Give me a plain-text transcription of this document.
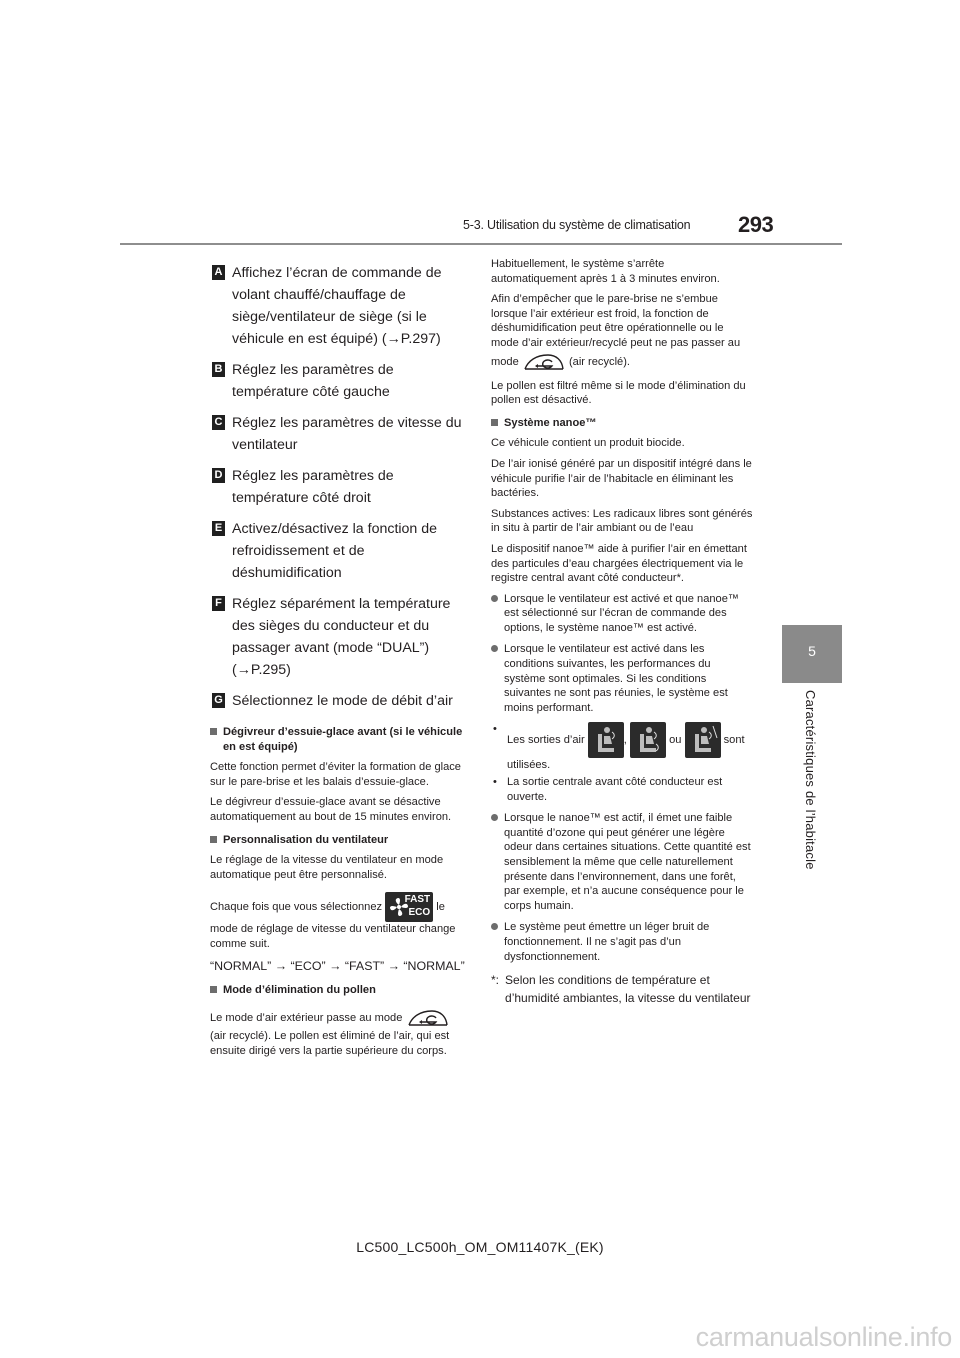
5-3. Utilisation du système de climatisation 293
5
Caractéristiques de l’habitacle
A Affichez l’écran de commande de volant chauffé/chauffage de siège/ventilateur de siège (si le véhicule en est équipé) (→P.297)
B Réglez les paramètres de température côté gauche
C Réglez les paramètres de vitesse du ventilateur
D Réglez les paramètres de température côté droit
E Activez/désactivez la fonction de refroidissement et de déshumidification
F Réglez séparément la température des sièges du conducteur et du passager avant (mode “DUAL”) (→P.295)
G Sélectionnez le mode de débit d’air
Dégivreur d’essuie-glace avant (si le véhicule en est équipé)

Cette fonction permet d’éviter la formation de glace sur le pare-brise et les balais d’essuie-glace.

Le dégivreur d’essuie-glace avant se désactive automatiquement au bout de 15 minutes environ.

Personnalisation du ventilateur

Le réglage de la vitesse du ventilateur en mode automatique peut être personnalisé.

Chaque fois que vous sélectionnez
FAST
ECO le mode de réglage de vitesse du ventilateur change comme suit.

“NORMAL” → “ECO” → “FAST” → “NORMAL”

Mode d’élimination du pollen

Le mode d’air extérieur passe au mode  (air recyclé). Le pollen est éliminé de l’air, qui est ensuite dirigé vers la partie supérieure du corps.

Habituellement, le système s’arrête automatiquement après 1 à 3 minutes environ.

Afin d’empêcher que le pare-brise ne s’embue lorsque l’air extérieur est froid, la fonction de déshumidification peut être opérationnelle ou le mode d’air extérieur/recyclé peut ne pas passer au mode	(air recyclé).

Le pollen est filtré même si le mode d’élimination du pollen est désactivé.

Système nanoe™

Ce véhicule contient un produit biocide.

De l’air ionisé généré par un dispositif intégré dans le véhicule purifie l’air de l’habitacle en éliminant les bactéries.

Substances actives: Les radicaux libres sont générés in situ à partir de l’air ambiant ou de l’eau

Le dispositif nanoe™ aide à purifier l’air en émettant des particules d’eau chargées électriquement via le registre central avant côté conducteur*.

Lorsque le ventilateur est activé et que nanoe™ est sélectionné sur l’écran de commande des options, le système nanoe™ est activé.
Lorsque le ventilateur est activé dans les conditions suivantes, les performances du système sont optimales. Si les conditions suivantes ne sont pas réunies, le système est moins performant.
•
Les sorties d’air	,	ou	sont utilisées.
• La sortie centrale avant côté conducteur est ouverte.
Lorsque le nanoe™ est actif, il émet une faible quantité d’ozone qui peut générer une légère odeur dans certaines situations. Cette quantité est sensiblement la même que celle naturellement présente dans l’environnement, dans une forêt, par exemple, et n’a aucune conséquence pour le corps humain.
Le système peut émettre un léger bruit de fonctionnement. Il ne s’agit pas d’un dysfonctionnement.
*: Selon les conditions de température et d’humidité ambiantes, la vitesse du ventilateur
LC500_LC500h_OM_OM11407K_(EK)
carmanualsonline.info
